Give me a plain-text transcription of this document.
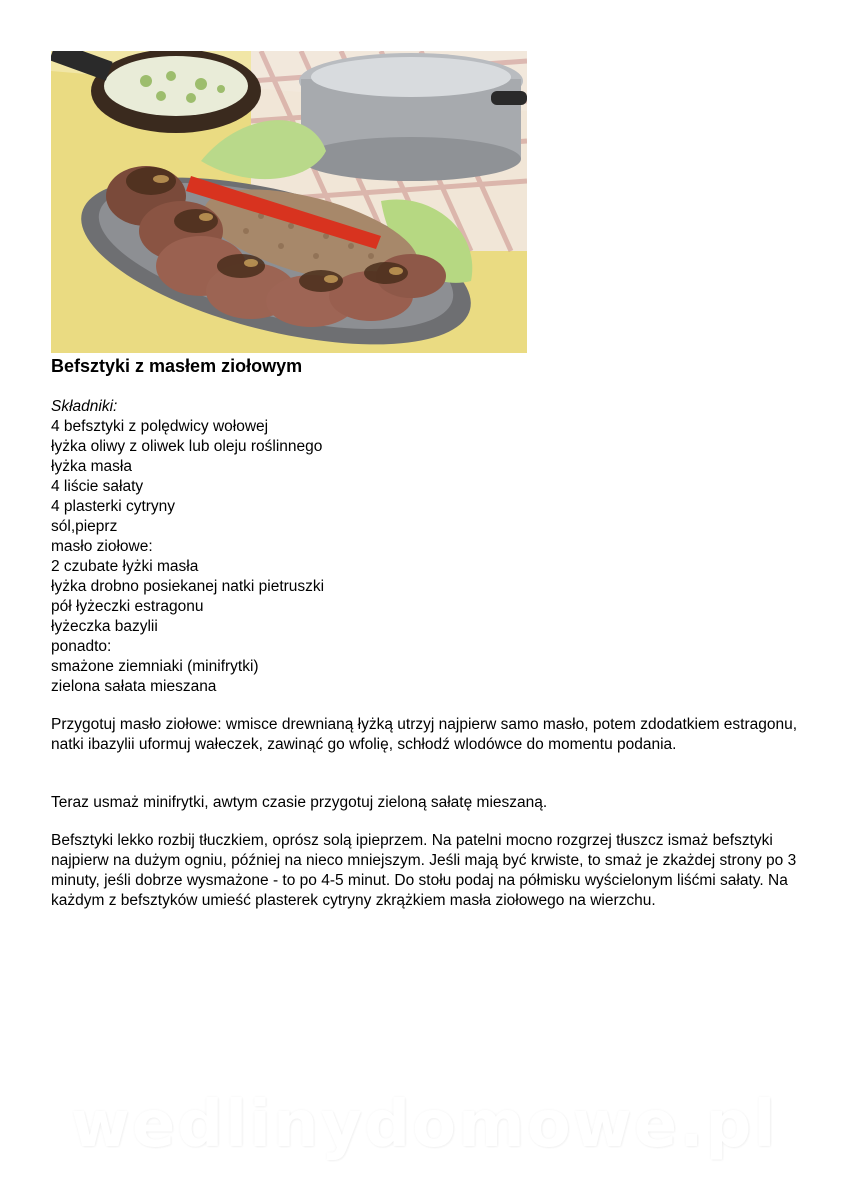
Befsztyki z masłem ziołowym
Składniki:
4 befsztyki z polędwicy wołowej
łyżka oliwy z oliwek lub oleju roślinnego
łyżka masła
4 liście sałaty
4 plasterki cytryny
sól,pieprz
masło ziołowe:
2 czubate łyżki masła
łyżka drobno posiekanej natki pietruszki
pół łyżeczki estragonu
łyżeczka bazylii
ponadto:
smażone ziemniaki (minifrytki)
zielona sałata mieszana

Przygotuj masło ziołowe: wmisce drewnianą łyżką utrzyj najpierw samo masło, potem zdodatkiem estragonu, natki ibazylii uformuj wałeczek, zawinąć go wfolię, schłodź wlodówce do momentu podania.

Teraz usmaż minifrytki, awtym czasie przygotuj zieloną sałatę mieszaną.

Befsztyki lekko rozbij tłuczkiem, oprósz solą ipieprzem. Na patelni mocno rozgrzej tłuszcz ismaż befsztyki najpierw na dużym ogniu, później na nieco mniejszym. Jeśli mają być krwiste, to smaż je zkażdej strony po 3 minuty, jeśli dobrze wysmażone - to po 4-5 minut. Do stołu podaj na półmisku wyścielonym liśćmi sałaty. Na każdym z befsztyków umieść plasterek cytryny zkrążkiem masła ziołowego na wierzchu.

wedlinydomowe.pl
